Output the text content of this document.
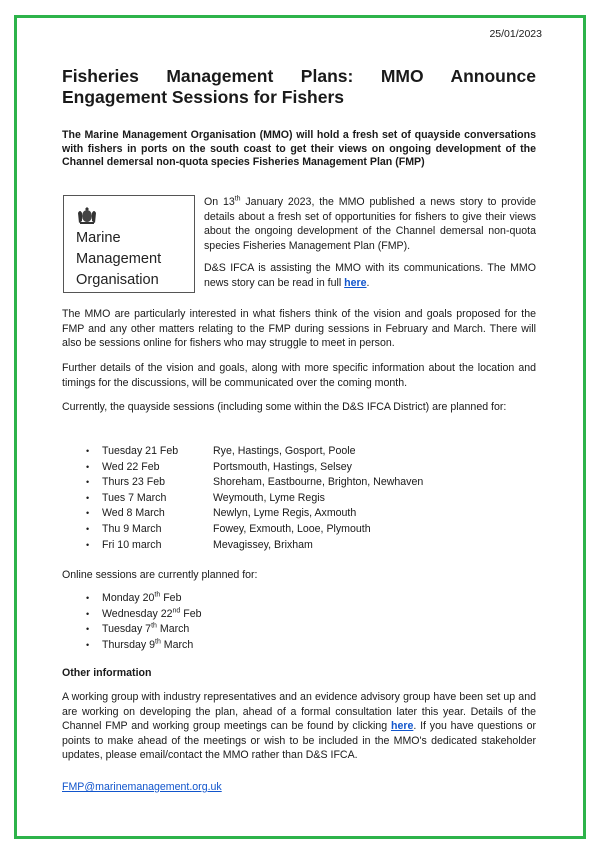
25/01/2023
Fisheries Management Plans: MMO Announce Engagement Sessions for Fishers
The Marine Management Organisation (MMO) will hold a fresh set of quayside conversations with fishers in ports on the south coast to get their views on ongoing development of the Channel demersal non-quota species Fisheries Management Plan (FMP)
Marine
Management
Organisation

On 13th January 2023, the MMO published a news story to provide details about a fresh set of opportunities for fishers to give their views about the ongoing development of the Channel demersal non-quota species Fisheries Management Plan (FMP).

D&S IFCA is assisting the MMO with its communications. The MMO news story can be read in full here.

The MMO are particularly interested in what fishers think of the vision and goals proposed for the FMP and any other matters relating to the FMP during sessions in February and March. There will also be sessions online for fishers who may struggle to meet in person.

Further details of the vision and goals, along with more specific information about the location and timings for the discussions, will be communicated over the coming month.

Currently, the quayside sessions (including some within the D&S IFCA District) are planned for:

• Tuesday 21 Feb	Rye, Hastings, Gosport, Poole
• Wed 22 Feb	Portsmouth, Hastings, Selsey
• Thurs 23 Feb	Shoreham, Eastbourne, Brighton, Newhaven
• Tues 7 March	Weymouth, Lyme Regis
• Wed 8 March	Newlyn, Lyme Regis, Axmouth
• Thu 9 March	Fowey, Exmouth, Looe, Plymouth
• Fri 10 march	Mevagissey, Brixham

Online sessions are currently planned for:

• Monday 20th Feb
• Wednesday 22nd Feb
• Tuesday 7th March
• Thursday 9th March
Other information

A working group with industry representatives and an evidence advisory group have been set up and are working on developing the plan, ahead of a formal consultation later this year. Details of the Channel FMP and working group meetings can be found by clicking here. If you have questions or points to make ahead of the meetings or wish to be included in the MMO's dedicated stakeholder updates, please email/contact the MMO rather than D&S IFCA.

FMP@marinemanagement.org.uk
